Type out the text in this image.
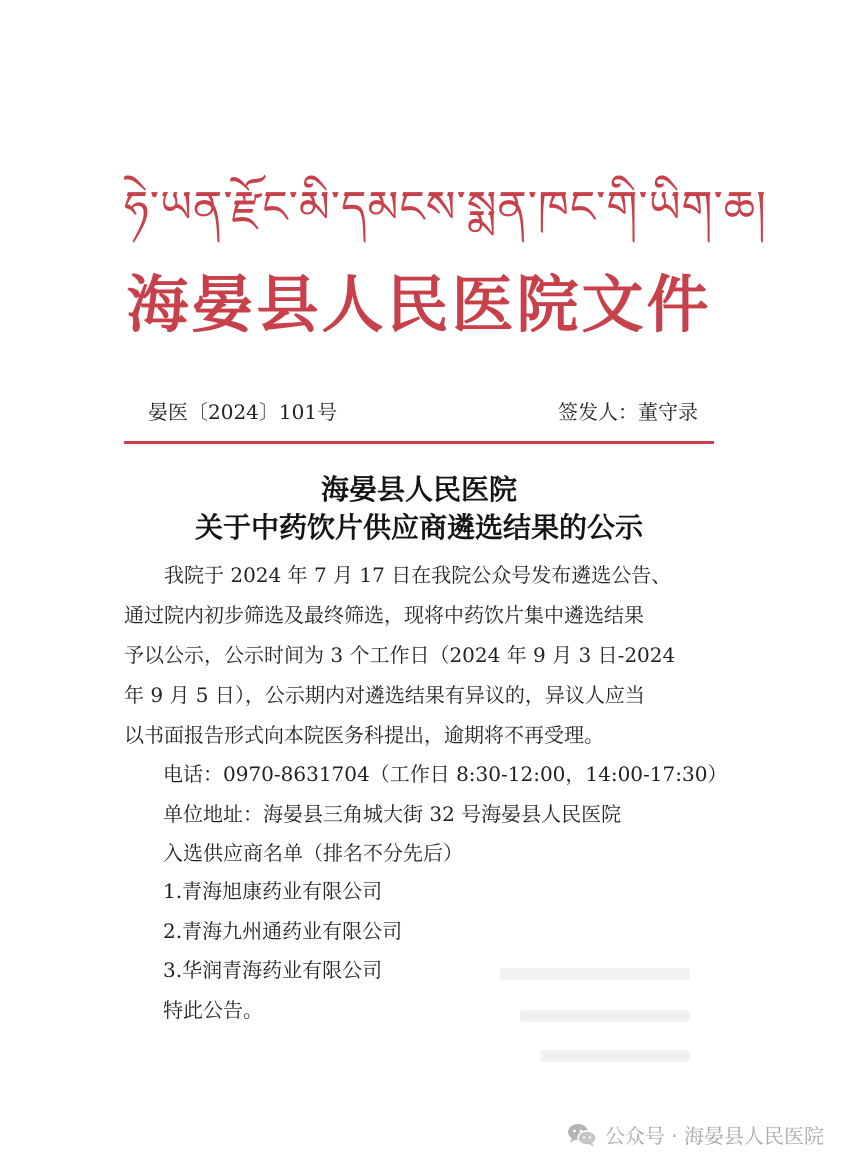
ཧེ་ཡན་རྫོང་མི་དམངས་སྨན་ཁང་གི་ཡིག་ཆ།
海晏县人民医院文件
晏医〔2024〕101号	签发人：董守录
海晏县人民医院
关于中药饮片供应商遴选结果的公示
　　我院于 2024 年 7 月 17 日在我院公众号发布遴选公告、
通过院内初步筛选及最终筛选，现将中药饮片集中遴选结果
予以公示，公示时间为 3 个工作日（2024 年 9 月 3 日-2024
年 9 月 5 日），公示期内对遴选结果有异议的，异议人应当
以书面报告形式向本院医务科提出，逾期将不再受理。
电话：0970-8631704（工作日 8:30-12:00，14:00-17:30）
单位地址：海晏县三角城大街 32 号海晏县人民医院
入选供应商名单（排名不分先后）
1.青海旭康药业有限公司
2.青海九州通药业有限公司
3.华润青海药业有限公司
特此公告。
公众号 · 海晏县人民医院
